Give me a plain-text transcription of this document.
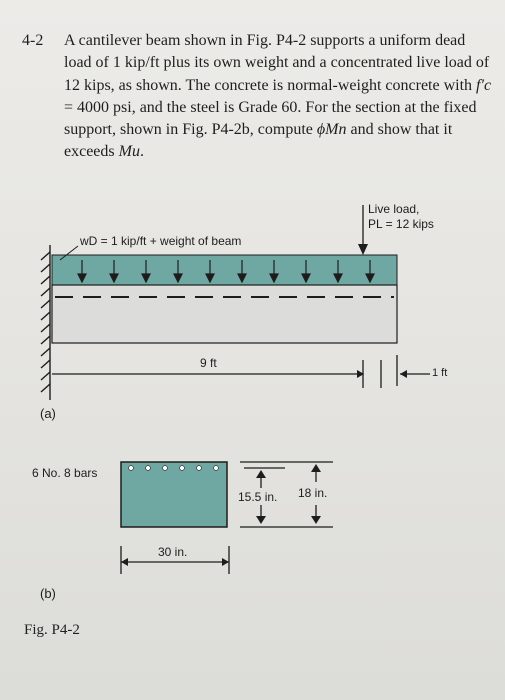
4-2 A cantilever beam shown in Fig. P4-2 supports a uniform dead load of 1 kip/ft plus its own weight and a concentrated live load of 12 kips, as shown. The concrete is normal-weight concrete with f′c = 4000 psi, and the steel is Grade 60. For the section at the fixed support, shown in Fig. P4-2b, compute ϕMn and show that it exceeds Mu.
wD = 1 kip/ft + weight of beam
Live load,
PL = 12 kips
9 ft
1 ft
(a)
6 No. 8 bars
15.5 in. 18 in.
30 in.
(b)
Fig. P4-2
